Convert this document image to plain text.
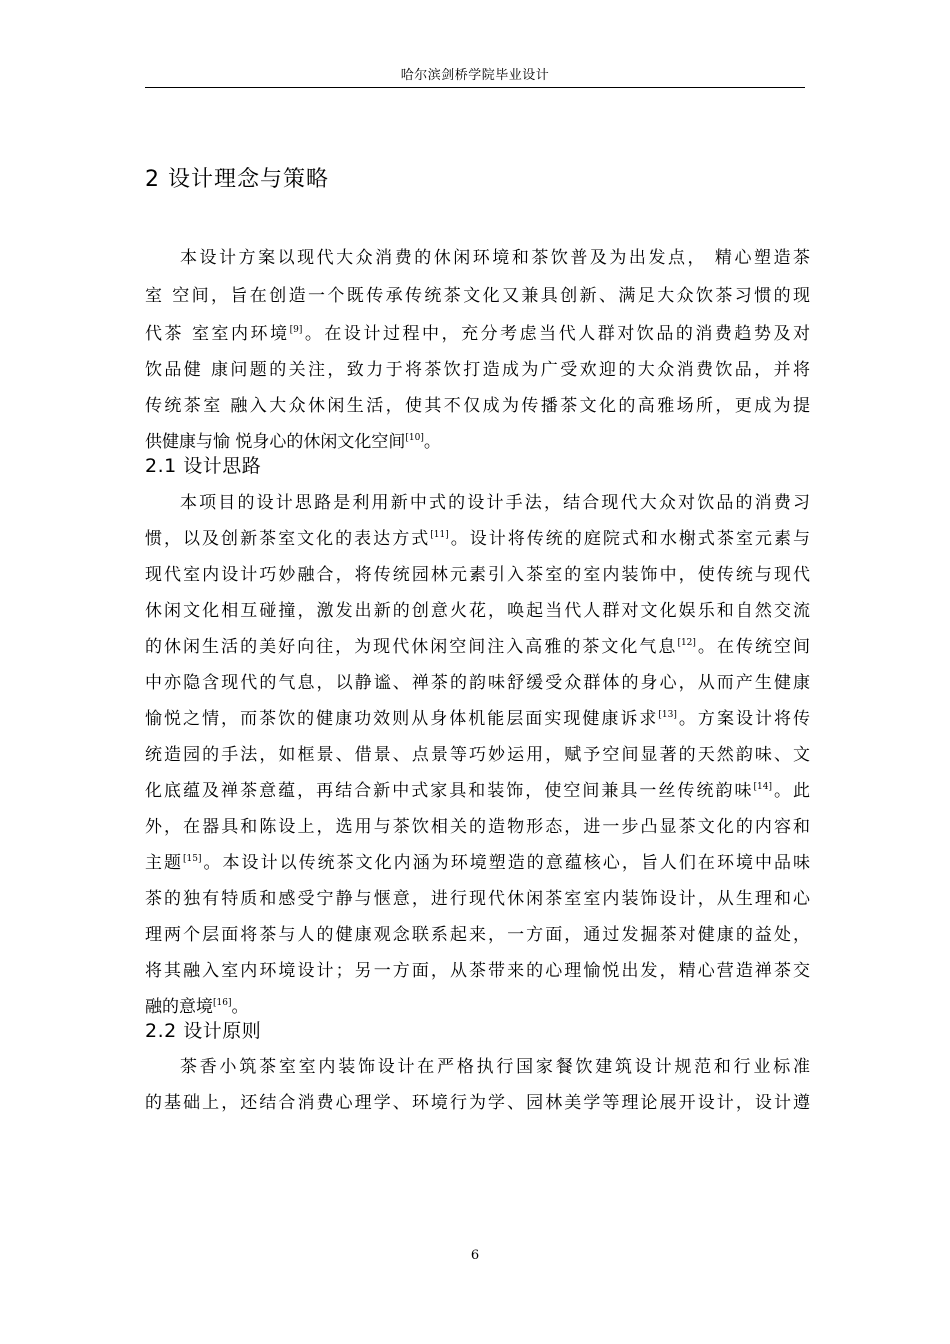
哈尔滨剑桥学院毕业设计
2 设计理念与策略
本设计方案以现代大众消费的休闲环境和茶饮普及为出发点， 精心塑造茶
室 空间，旨在创造一个既传承传统茶文化又兼具创新、满足大众饮茶习惯的现
代茶 室室内环境[9]。在设计过程中，充分考虑当代人群对饮品的消费趋势及对
饮品健 康问题的关注，致力于将茶饮打造成为广受欢迎的大众消费饮品，并将
传统茶室 融入大众休闲生活，使其不仅成为传播茶文化的高雅场所，更成为提
供健康与愉 悦身心的休闲文化空间[10]。
2.1 设计思路
本项目的设计思路是利用新中式的设计手法，结合现代大众对饮品的消费习
惯，以及创新茶室文化的表达方式[11]。设计将传统的庭院式和水榭式茶室元素与
现代室内设计巧妙融合，将传统园林元素引入茶室的室内装饰中，使传统与现代
休闲文化相互碰撞，激发出新的创意火花，唤起当代人群对文化娱乐和自然交流
的休闲生活的美好向往，为现代休闲空间注入高雅的茶文化气息[12]。在传统空间
中亦隐含现代的气息，以静谧、禅茶的韵味舒缓受众群体的身心，从而产生健康
愉悦之情，而茶饮的健康功效则从身体机能层面实现健康诉求[13]。方案设计将传
统造园的手法，如框景、借景、点景等巧妙运用，赋予空间显著的天然韵味、文
化底蕴及禅茶意蕴，再结合新中式家具和装饰，使空间兼具一丝传统韵味[14]。此
外，在器具和陈设上，选用与茶饮相关的造物形态，进一步凸显茶文化的内容和
主题[15]。本设计以传统茶文化内涵为环境塑造的意蕴核心，旨人们在环境中品味
茶的独有特质和感受宁静与惬意，进行现代休闲茶室室内装饰设计，从生理和心
理两个层面将茶与人的健康观念联系起来，一方面，通过发掘茶对健康的益处，
将其融入室内环境设计；另一方面，从茶带来的心理愉悦出发，精心营造禅茶交
融的意境[16]。
2.2 设计原则
茶香小筑茶室室内装饰设计在严格执行国家餐饮建筑设计规范和行业标准
的基础上，还结合消费心理学、环境行为学、园林美学等理论展开设计，设计遵
6
